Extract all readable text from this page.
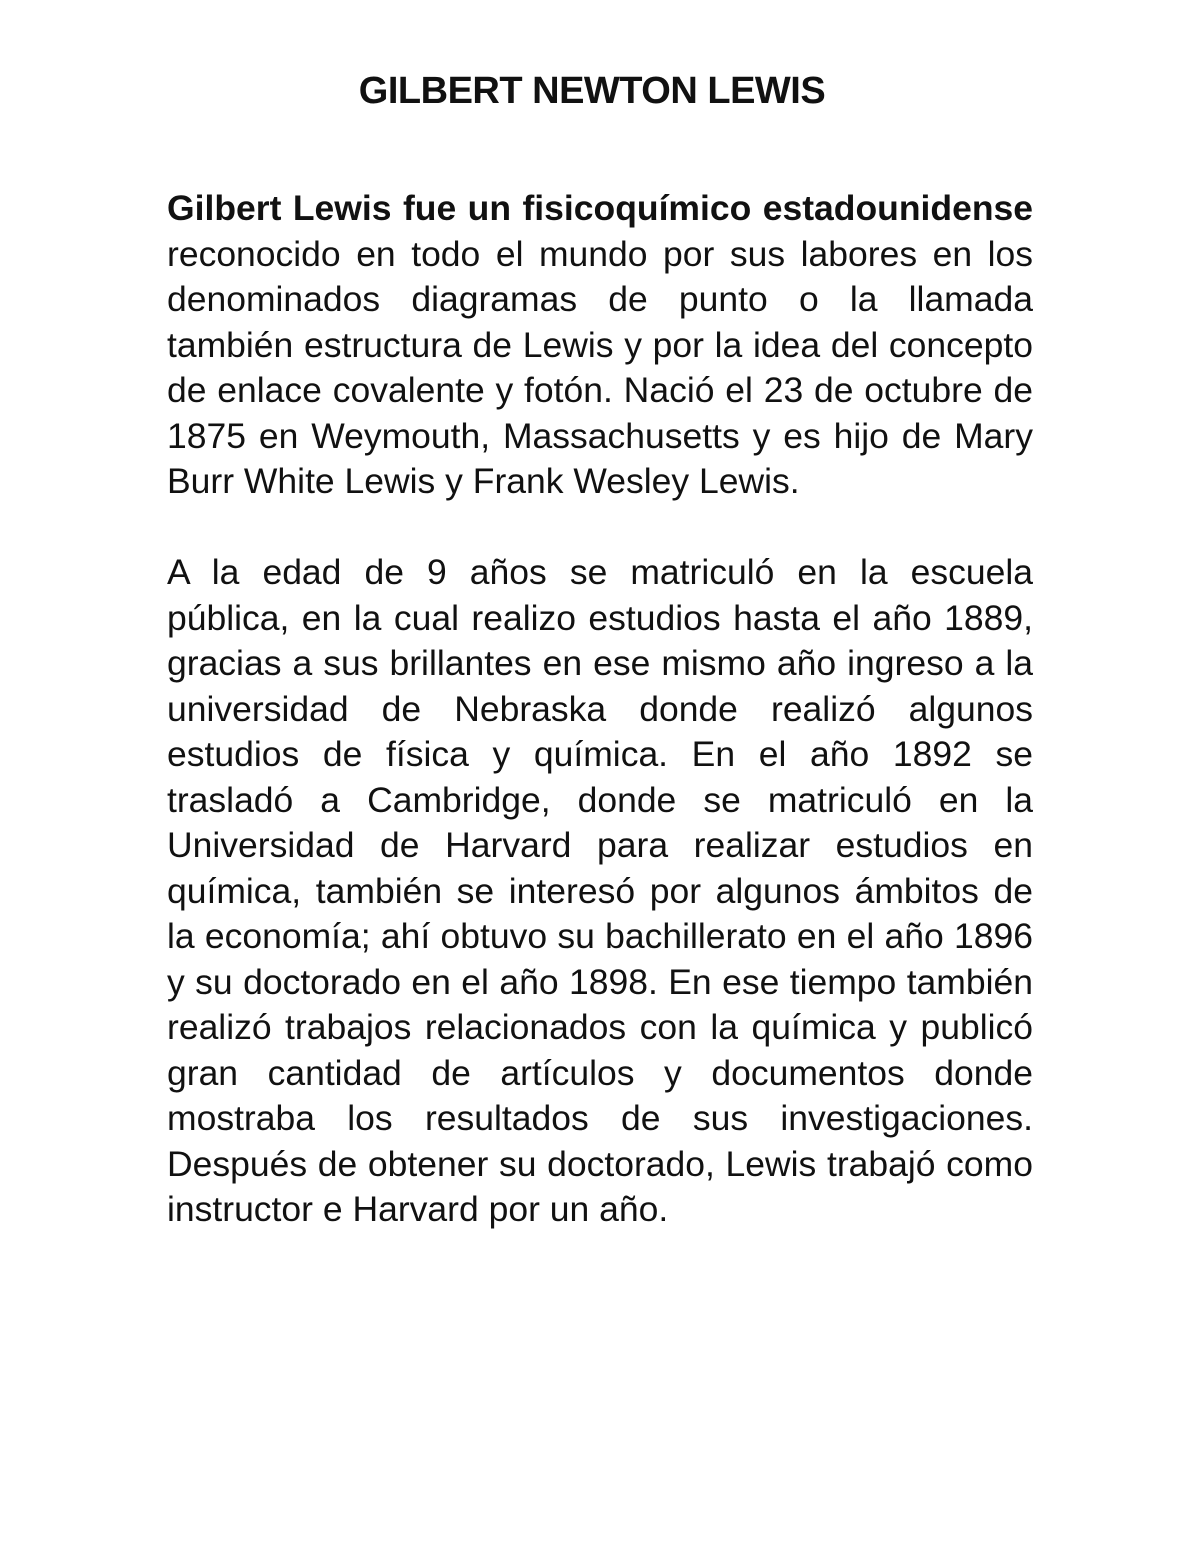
GILBERT NEWTON LEWIS

Gilbert Lewis fue un fisicoquímico estadounidense reconocido en todo el mundo por sus labores en los denominados diagramas de punto o la llamada también estructura de Lewis y por la idea del concepto de enlace covalente y fotón. Nació el 23 de octubre de 1875 en Weymouth, Massachusetts y es hijo de Mary Burr White Lewis y Frank Wesley Lewis.

A la edad de 9 años se matriculó en la escuela pública, en la cual realizo estudios hasta el año 1889, gracias a sus brillantes en ese mismo año ingreso a la universidad de Nebraska donde realizó algunos estudios de física y química. En el año 1892 se trasladó a Cambridge, donde se matriculó en la Universidad de Harvard para realizar estudios en química, también se interesó por algunos ámbitos de la economía; ahí obtuvo su bachillerato en el año 1896 y su doctorado en el año 1898. En ese tiempo también realizó trabajos relacionados con la química y publicó gran cantidad de artículos y documentos donde mostraba los resultados de sus investigaciones. Después de obtener su doctorado, Lewis trabajó como instructor e Harvard por un año.
